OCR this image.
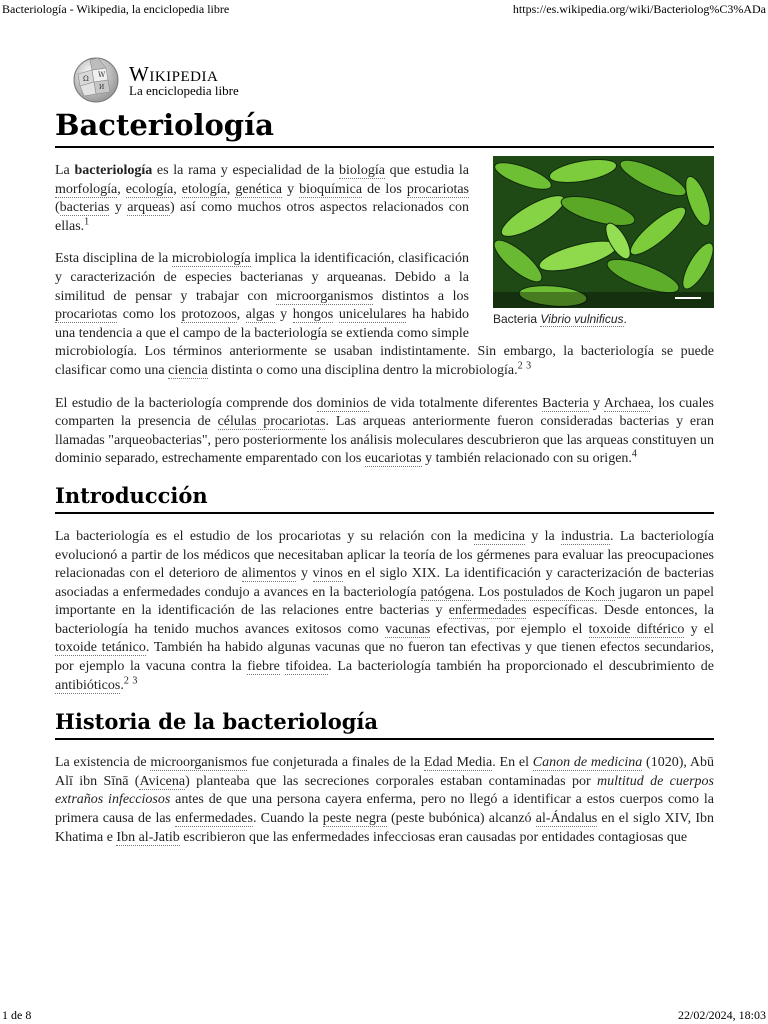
Bacteriología - Wikipedia, la enciclopedia libre	https://es.wikipedia.org/wiki/Bacteriolog%C3%ADa
Ω W
И
Wikipedia
La enciclopedia libre
Bacteriología
Bacteria Vibrio vulnificus.

La bacteriología es la rama y especialidad de la biología que estudia la morfología, ecología, etología, genética y bioquímica de los procariotas (bacterias y arqueas) así como muchos otros aspectos relacionados con ellas.$^1$

Esta disciplina de la microbiología implica la identificación, clasificación y caracterización de especies bacterianas y arqueanas. Debido a la similitud de pensar y trabajar con microorganismos distintos a los procariotas como los protozoos, algas y hongos unicelulares ha habido una tendencia a que el campo de la bacteriología se extienda como simple microbiología. Los términos anteriormente se usaban indistintamente. Sin embargo, la bacteriología se puede clasificar como una ciencia distinta o como una disciplina dentro la microbiología.$^2$ $^3$

El estudio de la bacteriología comprende dos dominios de vida totalmente diferentes Bacteria y Archaea, los cuales comparten la presencia de células procariotas. Las arqueas anteriormente fueron consideradas bacterias y eran llamadas "arqueobacterias", pero posteriormente los análisis moleculares descubrieron que las arqueas constituyen un dominio separado, estrechamente emparentado con los eucariotas y también relacionado con su origen.$^4$

Introducción

La bacteriología es el estudio de los procariotas y su relación con la medicina y la industria. La bacteriología evolucionó a partir de los médicos que necesitaban aplicar la teoría de los gérmenes para evaluar las preocupaciones relacionadas con el deterioro de alimentos y vinos en el siglo XIX. La identificación y caracterización de bacterias asociadas a enfermedades condujo a avances en la bacteriología patógena. Los postulados de Koch jugaron un papel importante en la identificación de las relaciones entre bacterias y enfermedades específicas. Desde entonces, la bacteriología ha tenido muchos avances exitosos como vacunas efectivas, por ejemplo el toxoide diftérico y el toxoide tetánico. También ha habido algunas vacunas que no fueron tan efectivas y que tienen efectos secundarios, por ejemplo la vacuna contra la fiebre tifoidea. La bacteriología también ha proporcionado el descubrimiento de antibióticos.$^2$ $^3$

Historia de la bacteriología

La existencia de microorganismos fue conjeturada a finales de la Edad Media. En el Canon de medicina (1020), Abū Alī ibn Sīnā (Avicena) planteaba que las secreciones corporales estaban contaminadas por multitud de cuerpos extraños infecciosos antes de que una persona cayera enferma, pero no llegó a identificar a estos cuerpos como la primera causa de las enfermedades. Cuando la peste negra (peste bubónica) alcanzó al-Ándalus en el siglo XIV, Ibn Khatima e Ibn al-Jatib escribieron que las enfermedades infecciosas eran causadas por entidades contagiosas que

1 de 8	22/02/2024, 18:03
